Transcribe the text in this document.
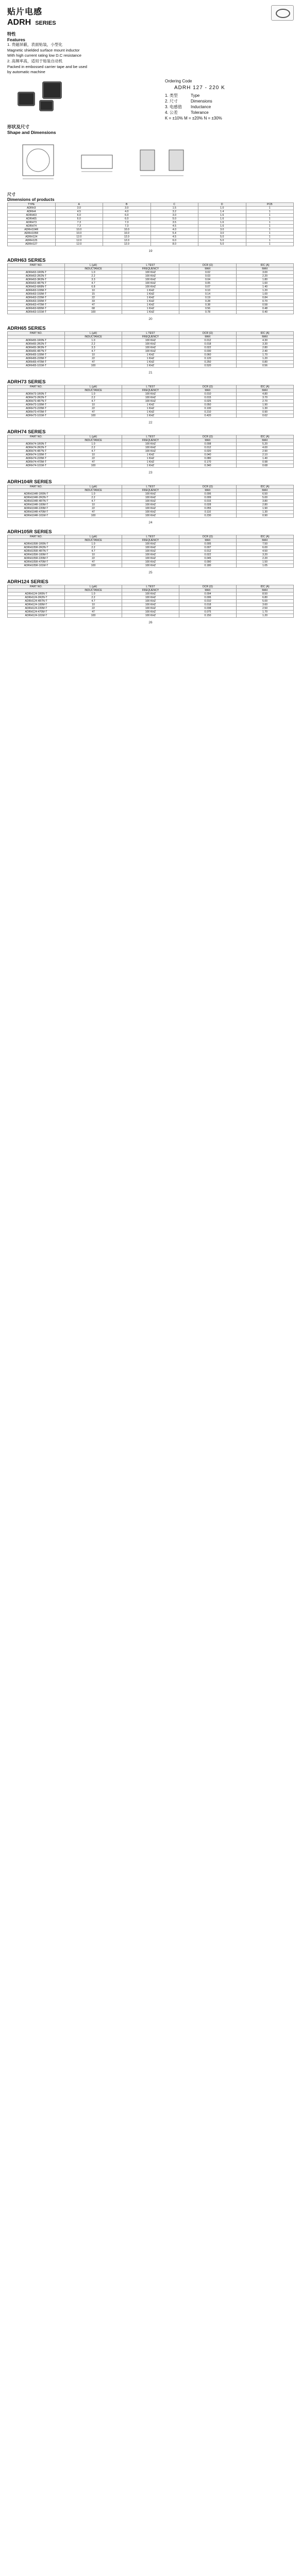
贴片电感
ADRH SERIES
特性
Features
1. 贵磁屏蔽，表面贴装，小型化
Magnetic shielded surface mount inductor
With high current rating low D.C resistance
2. 高频率高，适用于贴装自动机
Packed in embossed carrier tape and be used
by automatic machine
Ordering Code
ADRH 127 - 220 K
1. 类型	Type
2. 尺寸	Dimensions
3. 电感值	Inductance
4. 公差	Tolerance
K = ±10% M = ±20% N = ±30%
形状及尺寸
Shape and Dimensions
尺寸
Dimensions of products
TYPE	A	B	C	D	PCB
ADRH3	3.0	3.0	1.5	1.0	1
ADRH4	4.5	4.0	3.2	1.4	1
ADRH63	6.0	6.0	3.0	1.6	1
ADRH65	6.0	6.0	5.0	1.6	1
ADRH73	7.3	7.3	3.5	1.6	1
ADRH74	7.3	7.3	4.5	1.6	1
ADRH104R	10.0	10.0	4.0	3.0	1
ADRH105R	10.0	10.0	5.4	3.0	1
ADRH124	12.0	12.0	4.5	5.0	1
ADRH125	12.0	12.0	6.0	5.0	1
ADRH127	12.0	12.0	8.0	5.0	1
19
ADRH63 SERIES
PART NO.	L (µH)	L TEST	DCR (Ω)	IDC (A)
	INDUCTANCE	FREQUENCY	MAX	MAX
ADRH63-1R0N-T	1.0	100 KHZ	0.02	3.00
ADRH63-2R2N-T	2.2	100 KHZ	0.03	2.20
ADRH63-3R3N-T	3.3	100 KHZ	0.04	1.80
ADRH63-4R7N-T	4.7	100 KHZ	0.05	1.60
ADRH63-6R8N-T	6.8	100 KHZ	0.07	1.40
ADRH63-100M-T	10	1 KHZ	0.10	1.20
ADRH63-150M-T	15	1 KHZ	0.14	1.00
ADRH63-220M-T	22	1 KHZ	0.19	0.84
ADRH63-330M-T	33	1 KHZ	0.28	0.70
ADRH63-470M-T	47	1 KHZ	0.38	0.58
ADRH63-680M-T	68	1 KHZ	0.56	0.48
ADRH63-101M-T	100	1 KHZ	0.78	0.40
20
ADRH65 SERIES
PART NO.	L (µH)	L TEST	DCR (Ω)	IDC (A)
	INDUCTANCE	FREQUENCY	MAX	MAX
ADRH65-1R0N-T	1.0	100 KHZ	0.012	4.30
ADRH65-2R2N-T	2.2	100 KHZ	0.018	3.30
ADRH65-3R3N-T	3.3	100 KHZ	0.022	2.80
ADRH65-4R7N-T	4.7	100 KHZ	0.030	2.40
ADRH65-100M-T	10	1 KHZ	0.060	1.70
ADRH65-220M-T	22	1 KHZ	0.120	1.20
ADRH65-470M-T	47	1 KHZ	0.250	0.80
ADRH65-101M-T	100	1 KHZ	0.520	0.56
21
ADRH73 SERIES
PART NO.	L (µH)	L TEST	DCR (Ω)	IDC (A)
	INDUCTANCE	FREQUENCY	MAX	MAX
ADRH73-1R0N-T	1.0	100 KHZ	0.010	4.80
ADRH73-2R2N-T	2.2	100 KHZ	0.015	3.70
ADRH73-4R7N-T	4.7	100 KHZ	0.025	2.70
ADRH73-100M-T	10	1 KHZ	0.050	1.90
ADRH73-220M-T	22	1 KHZ	0.100	1.30
ADRH73-470M-T	47	1 KHZ	0.210	0.90
ADRH73-101M-T	100	1 KHZ	0.420	0.62
22
ADRH74 SERIES
PART NO.	L (µH)	L TEST	DCR (Ω)	IDC (A)
	INDUCTANCE	FREQUENCY	MAX	MAX
ADRH74-1R0N-T	1.0	100 KHZ	0.008	5.20
ADRH74-2R2N-T	2.2	100 KHZ	0.012	4.00
ADRH74-4R7N-T	4.7	100 KHZ	0.020	2.90
ADRH74-100M-T	10	1 KHZ	0.040	2.10
ADRH74-220M-T	22	1 KHZ	0.080	1.40
ADRH74-470M-T	47	1 KHZ	0.170	0.98
ADRH74-101M-T	100	1 KHZ	0.340	0.68
23
ADRH104R SERIES
PART NO.	L (µH)	L TEST	DCR (Ω)	IDC (A)
	INDUCTANCE	FREQUENCY	MAX	MAX
ADRH104R-1R0N-T	1.0	100 KHZ	0.006	6.50
ADRH104R-2R2N-T	2.2	100 KHZ	0.009	5.00
ADRH104R-4R7N-T	4.7	100 KHZ	0.015	3.80
ADRH104R-100M-T	10	100 KHZ	0.028	2.80
ADRH104R-220M-T	22	100 KHZ	0.055	1.90
ADRH104R-470M-T	47	100 KHZ	0.110	1.30
ADRH104R-101M-T	100	100 KHZ	0.230	0.90
24
ADRH105R SERIES
PART NO.	L (µH)	L TEST	DCR (Ω)	IDC (A)
	INDUCTANCE	FREQUENCY	MAX	MAX
ADRH105R-1R0N-T	1.0	100 KHZ	0.005	7.50
ADRH105R-2R2N-T	2.2	100 KHZ	0.007	6.00
ADRH105R-4R7N-T	4.7	100 KHZ	0.012	4.50
ADRH105R-100M-T	10	100 KHZ	0.022	3.20
ADRH105R-220M-T	22	100 KHZ	0.045	2.20
ADRH105R-470M-T	47	100 KHZ	0.090	1.50
ADRH105R-101M-T	100	100 KHZ	0.180	1.05
25
ADRH124 SERIES
PART NO.	L (µH)	L TEST	DCR (Ω)	IDC (A)
	INDUCTANCE	FREQUENCY	MAX	MAX
ADRH124-1R0N-T	1.0	100 KHZ	0.004	8.50
ADRH124-2R2N-T	2.2	100 KHZ	0.006	6.80
ADRH124-4R7N-T	4.7	100 KHZ	0.010	5.00
ADRH124-100M-T	10	100 KHZ	0.018	3.60
ADRH124-220M-T	22	100 KHZ	0.038	2.50
ADRH124-470M-T	47	100 KHZ	0.075	1.70
ADRH124-101M-T	100	100 KHZ	0.150	1.20
26
